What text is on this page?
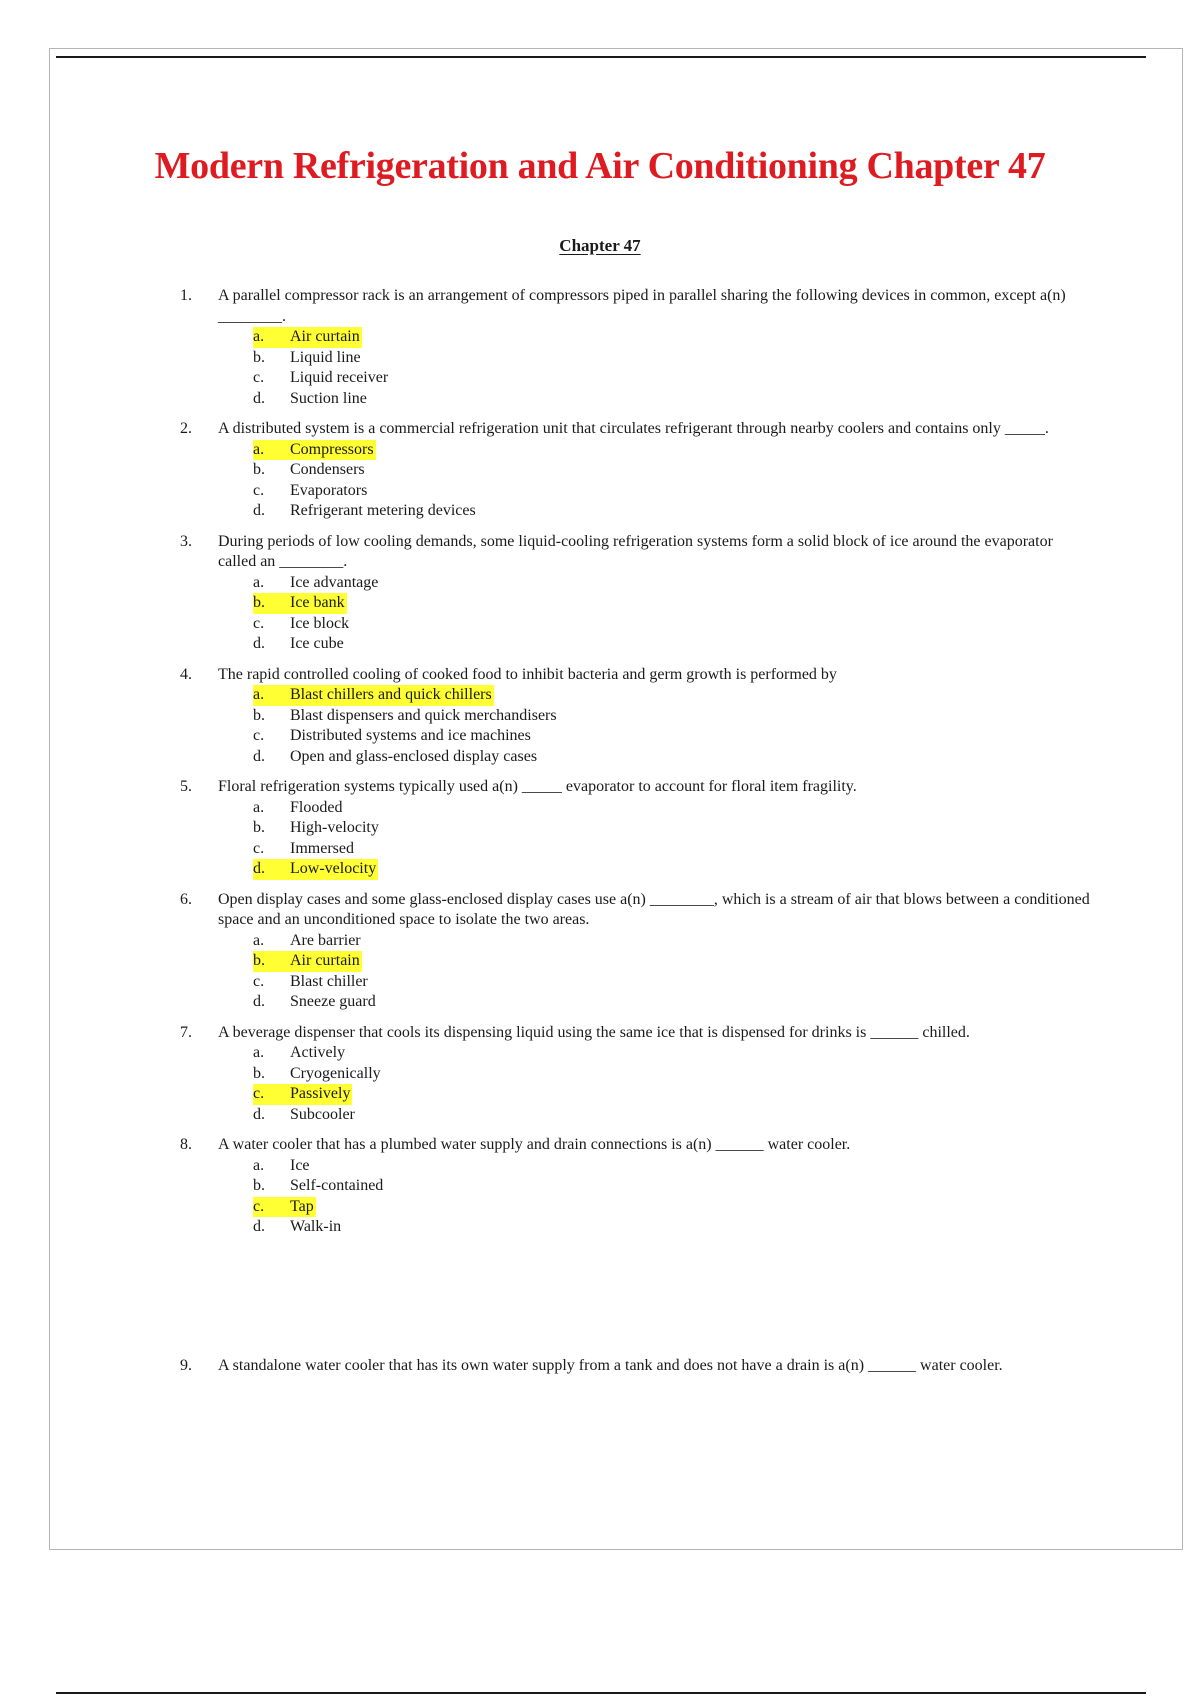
Modern Refrigeration and Air Conditioning Chapter 47

Chapter 47

1. A parallel compressor rack is an arrangement of compressors piped in parallel sharing the following devices in common, except a(n) ________.
a. Air curtain
b. Liquid line
c. Liquid receiver
d. Suction line
2. A distributed system is a commercial refrigeration unit that circulates refrigerant through nearby coolers and contains only _____.
a. Compressors
b. Condensers
c. Evaporators
d. Refrigerant metering devices
3. During periods of low cooling demands, some liquid-cooling refrigeration systems form a solid block of ice around the evaporator called an ________.
a. Ice advantage
b. Ice bank
c. Ice block
d. Ice cube
4. The rapid controlled cooling of cooked food to inhibit bacteria and germ growth is performed by
a. Blast chillers and quick chillers
b. Blast dispensers and quick merchandisers
c. Distributed systems and ice machines
d. Open and glass-enclosed display cases
5. Floral refrigeration systems typically used a(n) _____ evaporator to account for floral item fragility.
a. Flooded
b. High-velocity
c. Immersed
d. Low-velocity
6. Open display cases and some glass-enclosed display cases use a(n) ________, which is a stream of air that blows between a conditioned space and an unconditioned space to isolate the two areas.
a. Are barrier
b. Air curtain
c. Blast chiller
d. Sneeze guard
7. A beverage dispenser that cools its dispensing liquid using the same ice that is dispensed for drinks is ______ chilled.
a. Actively
b. Cryogenically
c. Passively
d. Subcooler
8. A water cooler that has a plumbed water supply and drain connections is a(n) ______ water cooler.
a. Ice
b. Self-contained
c. Tap
d. Walk-in
9. A standalone water cooler that has its own water supply from a tank and does not have a drain is a(n) ______ water cooler.
